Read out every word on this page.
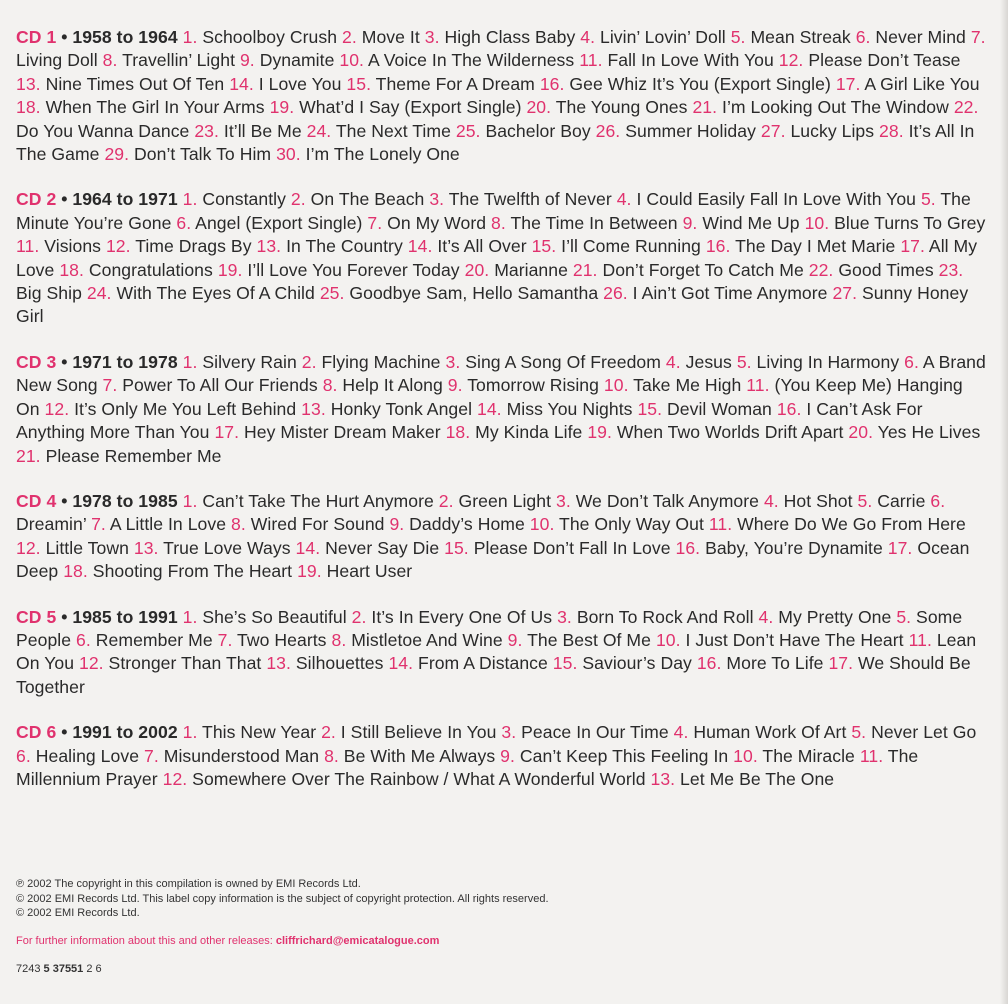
CD 1 • 1958 to 1964 1. Schoolboy Crush 2. Move It 3. High Class Baby 4. Livin’ Lovin’ Doll 5. Mean Streak 6. Never Mind 7. Living Doll 8. Travellin’ Light 9. Dynamite 10. A Voice In The Wilderness 11. Fall In Love With You 12. Please Don’t Tease 13. Nine Times Out Of Ten 14. I Love You 15. Theme For A Dream 16. Gee Whiz It’s You (Export Single) 17. A Girl Like You 18. When The Girl In Your Arms 19. What’d I Say (Export Single) 20. The Young Ones 21. I’m Looking Out The Window 22. Do You Wanna Dance 23. It’ll Be Me 24. The Next Time 25. Bachelor Boy 26. Summer Holiday 27. Lucky Lips 28. It’s All In The Game 29. Don’t Talk To Him 30. I’m The Lonely One

CD 2 • 1964 to 1971 1. Constantly 2. On The Beach 3. The Twelfth of Never 4. I Could Easily Fall In Love With You 5. The Minute You’re Gone 6. Angel (Export Single) 7. On My Word 8. The Time In Between 9. Wind Me Up 10. Blue Turns To Grey 11. Visions 12. Time Drags By 13. In The Country 14. It’s All Over 15. I’ll Come Running 16. The Day I Met Marie 17. All My Love 18. Congratulations 19. I’ll Love You Forever Today 20. Marianne 21. Don’t Forget To Catch Me 22. Good Times 23. Big Ship 24. With The Eyes Of A Child 25. Goodbye Sam, Hello Samantha 26. I Ain’t Got Time Anymore 27. Sunny Honey Girl

CD 3 • 1971 to 1978 1. Silvery Rain 2. Flying Machine 3. Sing A Song Of Freedom 4. Jesus 5. Living In Harmony 6. A Brand New Song 7. Power To All Our Friends 8. Help It Along 9. Tomorrow Rising 10. Take Me High 11. (You Keep Me) Hanging On 12. It’s Only Me You Left Behind 13. Honky Tonk Angel 14. Miss You Nights 15. Devil Woman 16. I Can’t Ask For Anything More Than You 17. Hey Mister Dream Maker 18. My Kinda Life 19. When Two Worlds Drift Apart 20. Yes He Lives 21. Please Remember Me

CD 4 • 1978 to 1985 1. Can’t Take The Hurt Anymore 2. Green Light 3. We Don’t Talk Anymore 4. Hot Shot 5. Carrie 6. Dreamin’ 7. A Little In Love 8. Wired For Sound 9. Daddy’s Home 10. The Only Way Out 11. Where Do We Go From Here 12. Little Town 13. True Love Ways 14. Never Say Die 15. Please Don’t Fall In Love 16. Baby, You’re Dynamite 17. Ocean Deep 18. Shooting From The Heart 19. Heart User

CD 5 • 1985 to 1991 1. She’s So Beautiful 2. It’s In Every One Of Us 3. Born To Rock And Roll 4. My Pretty One 5. Some People 6. Remember Me 7. Two Hearts 8. Mistletoe And Wine 9. The Best Of Me 10. I Just Don’t Have The Heart 11. Lean On You 12. Stronger Than That 13. Silhouettes 14. From A Distance 15. Saviour’s Day 16. More To Life 17. We Should Be Together

CD 6 • 1991 to 2002 1. This New Year 2. I Still Believe In You 3. Peace In Our Time 4. Human Work Of Art 5. Never Let Go 6. Healing Love 7. Misunderstood Man 8. Be With Me Always 9. Can’t Keep This Feeling In 10. The Miracle 11. The Millennium Prayer 12. Somewhere Over The Rainbow / What A Wonderful World 13. Let Me Be The One

℗ 2002 The copyright in this compilation is owned by EMI Records Ltd.

© 2002 EMI Records Ltd. This label copy information is the subject of copyright protection. All rights reserved.

© 2002 EMI Records Ltd.

For further information about this and other releases: cliffrichard@emicatalogue.com
7243 5 37551 2 6
